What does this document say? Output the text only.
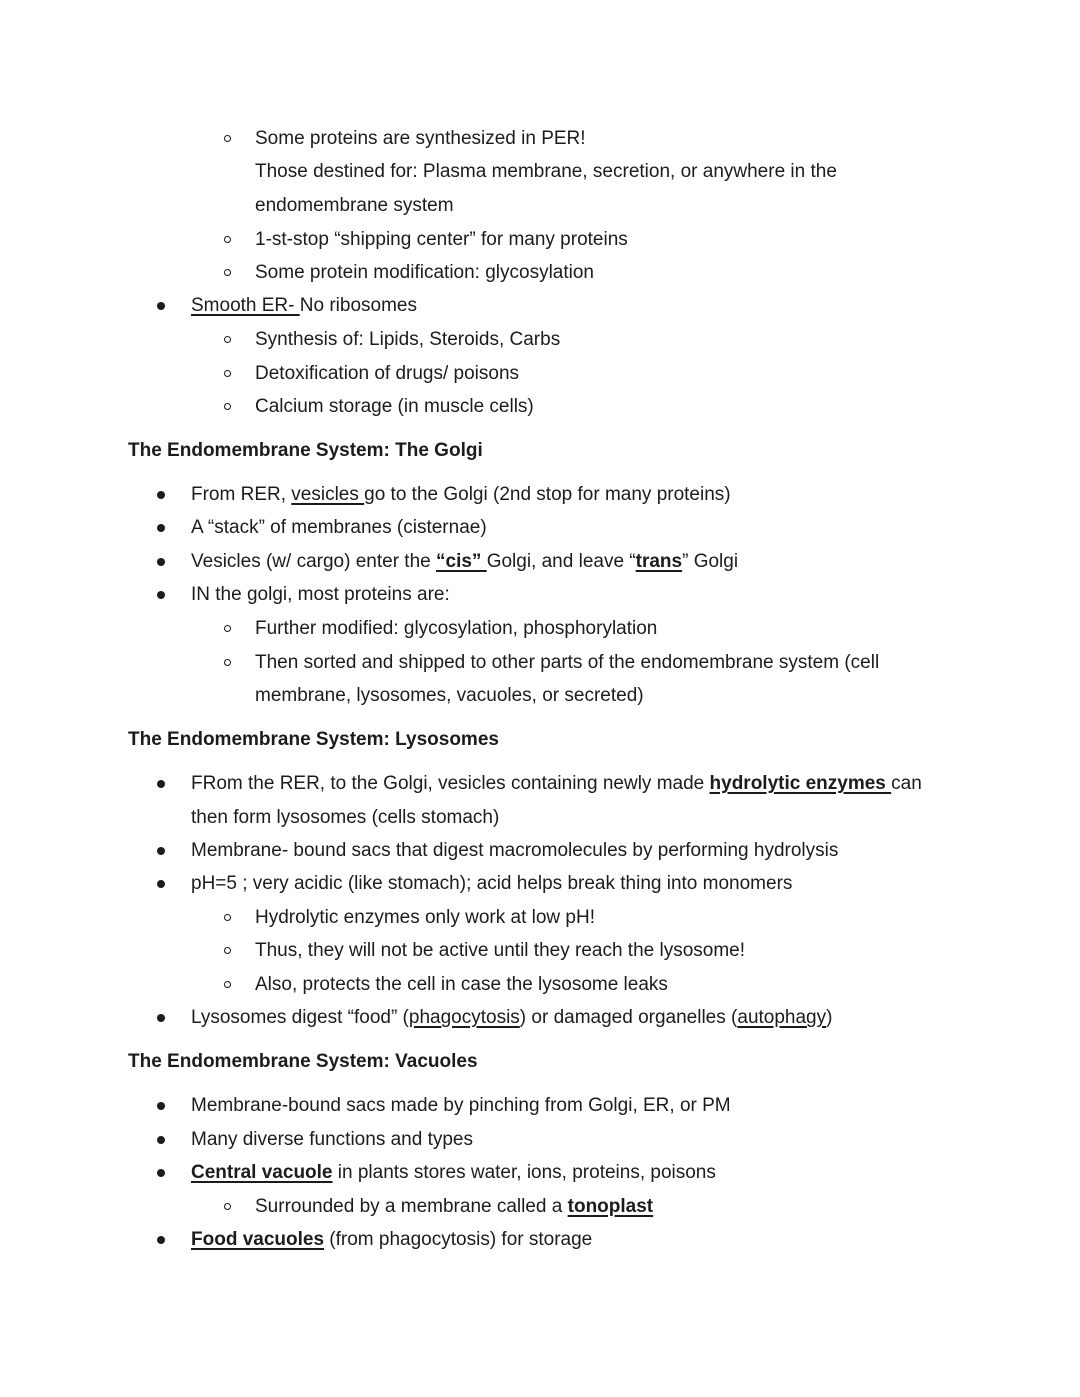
Some proteins are synthesized in PER!
Those destined for: Plasma membrane, secretion, or anywhere in the
endomembrane system
1-st-stop “shipping center” for many proteins
Some protein modification: glycosylation
Smooth ER- No ribosomes
Synthesis of: Lipids, Steroids, Carbs
Detoxification of drugs/ poisons
Calcium storage (in muscle cells)
The Endomembrane System: The Golgi
From RER, vesicles go to the Golgi (2nd stop for many proteins)
A “stack” of membranes (cisternae)
Vesicles (w/ cargo) enter the “cis” Golgi, and leave “trans” Golgi
IN the golgi, most proteins are:
Further modified: glycosylation, phosphorylation
Then sorted and shipped to other parts of the endomembrane system (cell
membrane, lysosomes, vacuoles, or secreted)
The Endomembrane System: Lysosomes
FRom the RER, to the Golgi, vesicles containing newly made hydrolytic enzymes can
then form lysosomes (cells stomach)
Membrane- bound sacs that digest macromolecules by performing hydrolysis
pH=5 ; very acidic (like stomach); acid helps break thing into monomers
Hydrolytic enzymes only work at low pH!
Thus, they will not be active until they reach the lysosome!
Also, protects the cell in case the lysosome leaks
Lysosomes digest “food” (phagocytosis) or damaged organelles (autophagy)
The Endomembrane System: Vacuoles
Membrane-bound sacs made by pinching from Golgi, ER, or PM
Many diverse functions and types
Central vacuole in plants stores water, ions, proteins, poisons
Surrounded by a membrane called a tonoplast
Food vacuoles (from phagocytosis) for storage
